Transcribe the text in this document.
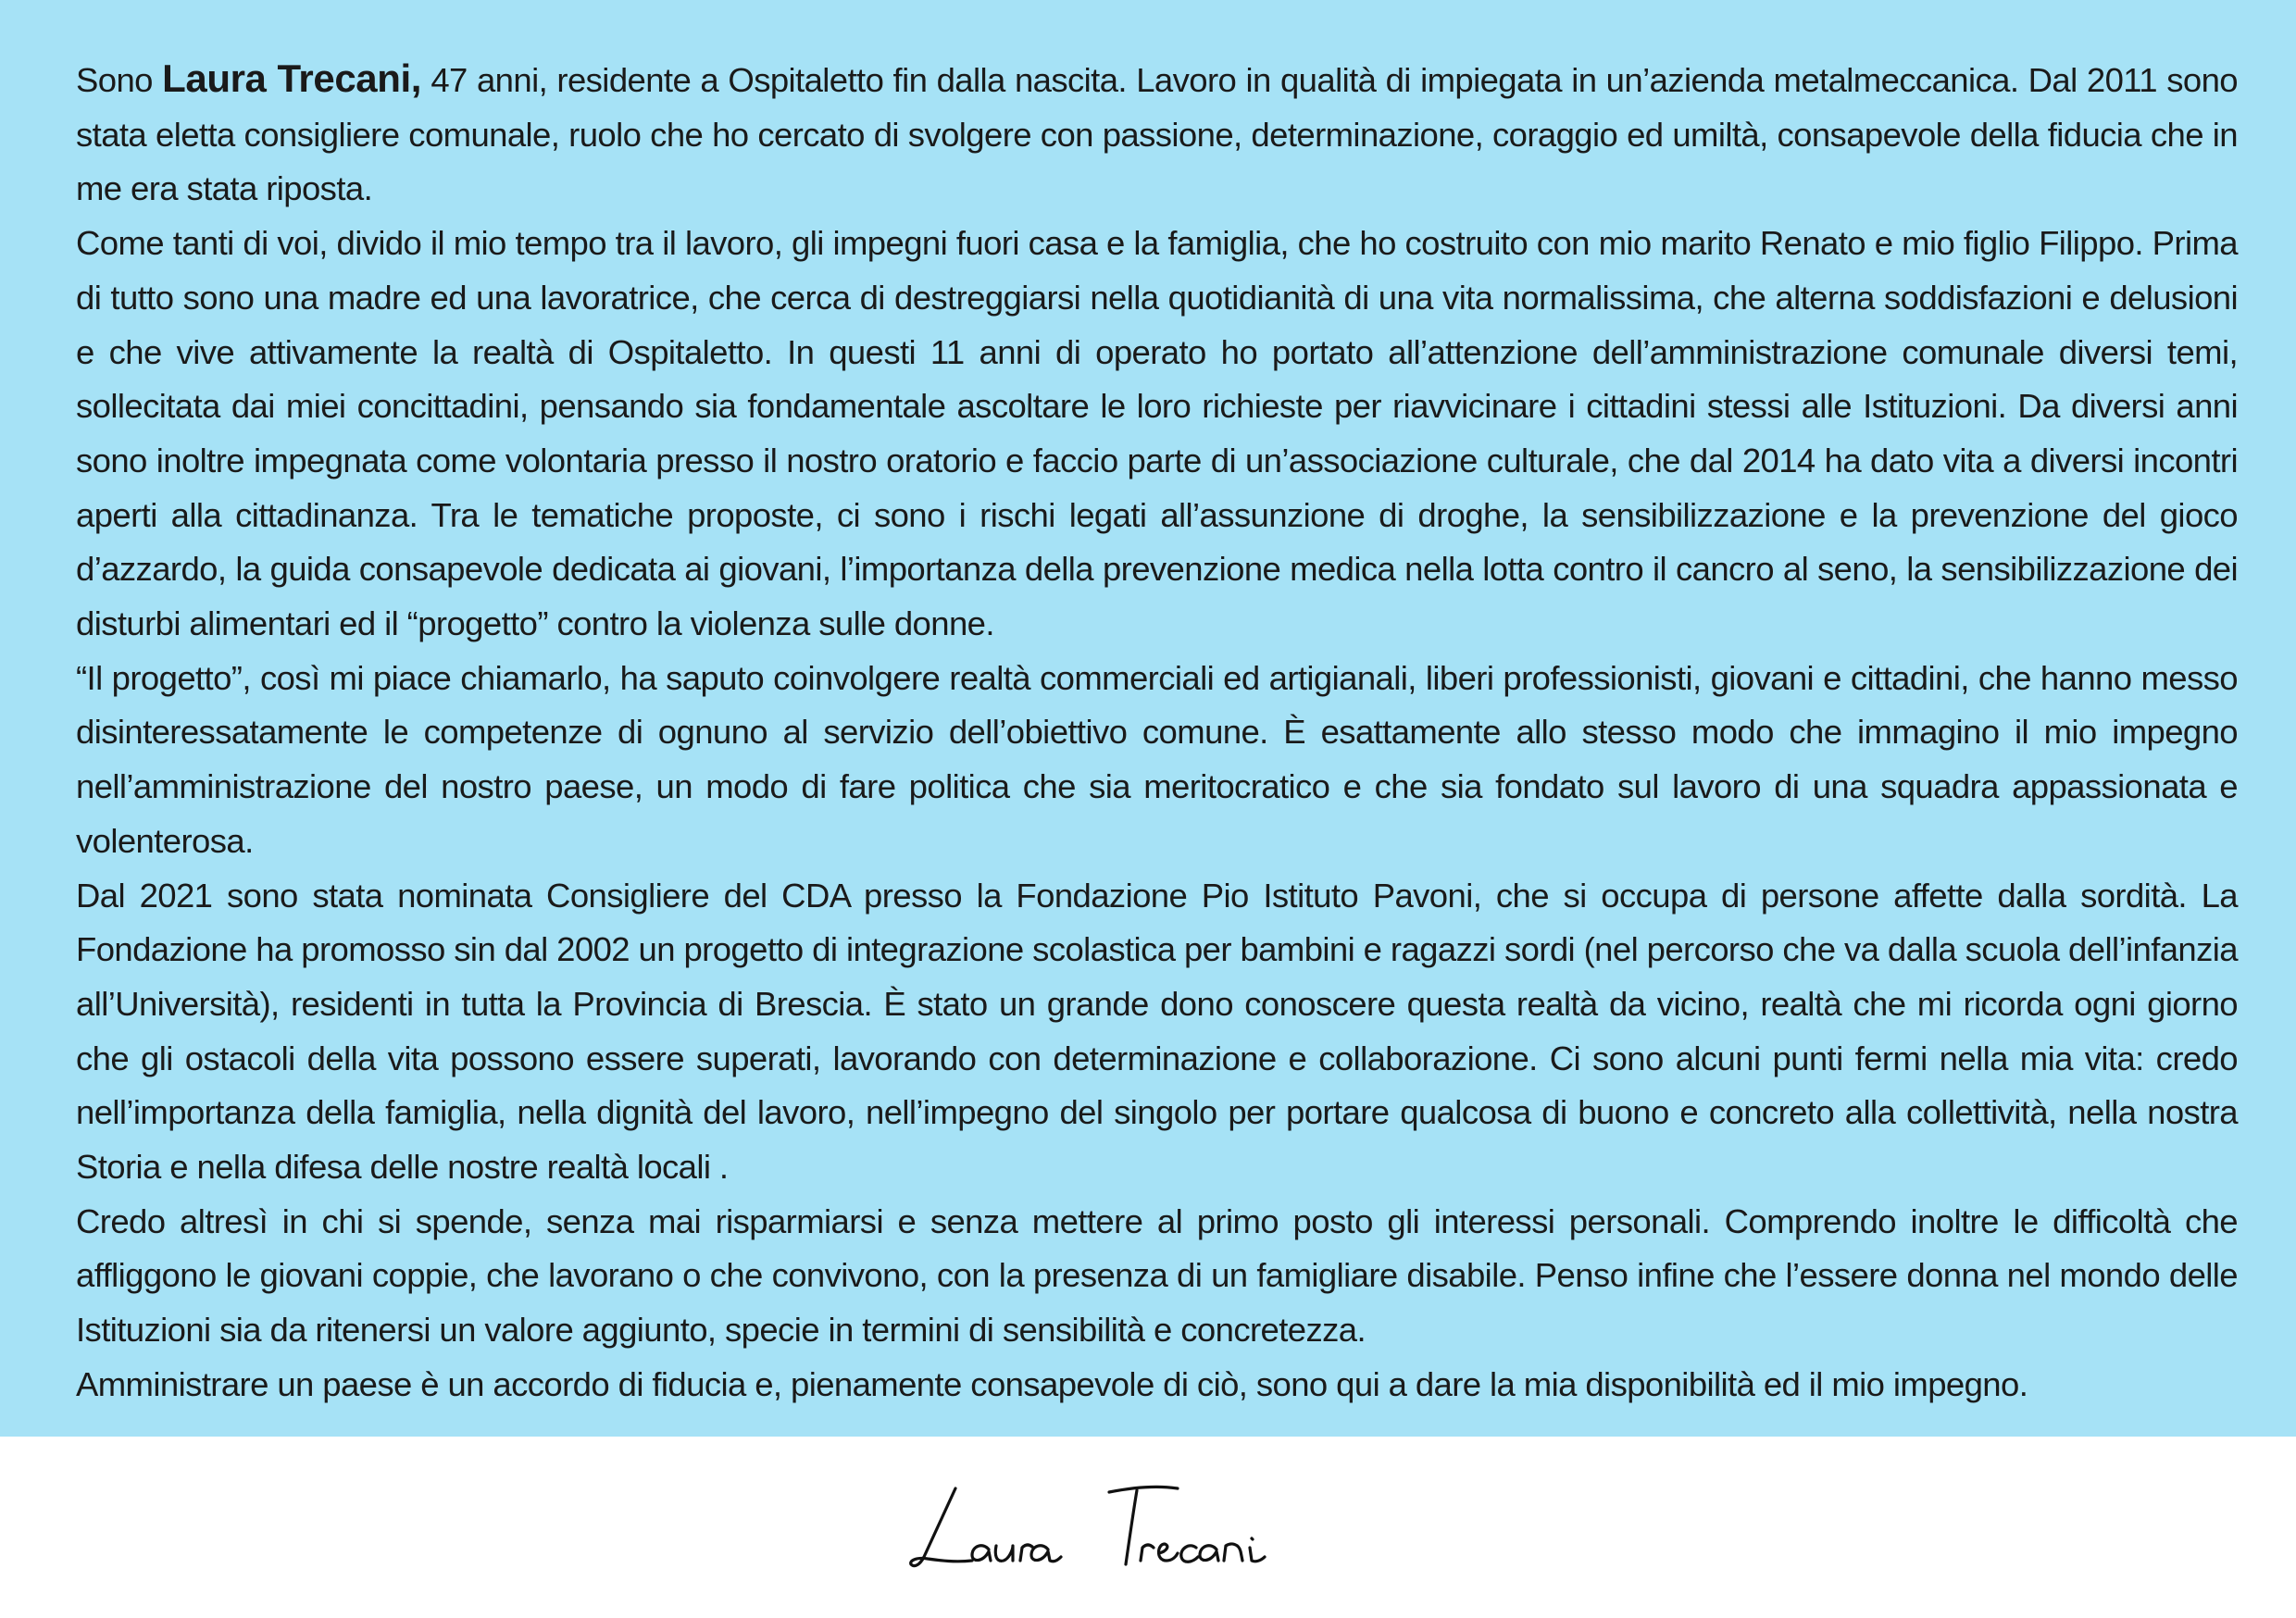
Sono Laura Trecani, 47 anni, residente a Ospitaletto fin dalla nascita. Lavoro in qualità di impiegata in un’azienda metalmeccanica. Dal 2011 sono stata eletta consigliere comunale, ruolo che ho cercato di svolgere con passione, determinazione, coraggio ed umiltà, consapevole della fiducia che in me era stata riposta.

Come tanti di voi, divido il mio tempo tra il lavoro, gli impegni fuori casa e la famiglia, che ho costruito con mio marito Renato e mio figlio Filippo. Prima di tutto sono una madre ed una lavoratrice, che cerca di destreggiarsi nella quotidianità di una vita normalissima, che alterna soddisfazioni e delusioni e che vive attivamente la realtà di Ospitaletto. In questi 11 anni di operato ho portato all’attenzione dell’amministrazione comunale diversi temi, sollecitata dai miei concittadini, pensando sia fondamentale ascoltare le loro richieste per riavvicinare i cittadini stessi alle Istituzioni. Da diversi anni sono inoltre impegnata come volontaria presso il nostro oratorio e faccio parte di un’associazione culturale, che dal 2014 ha dato vita a diversi incontri aperti alla cittadinanza. Tra le tematiche proposte, ci sono i rischi legati all’assunzione di droghe, la sensibilizzazione e la prevenzione del gioco d’azzardo, la guida consapevole dedicata ai giovani, l’importanza della prevenzione medica nella lotta contro il cancro al seno, la sensibilizzazione dei disturbi alimentari ed il “progetto” contro la violenza sulle donne.

“Il progetto”, così mi piace chiamarlo, ha saputo coinvolgere realtà commerciali ed artigianali, liberi professionisti, giovani e cittadini, che hanno messo disinteressatamente le competenze di ognuno al servizio dell’obiettivo comune. È esattamente allo stesso modo che immagino il mio impegno nell’amministrazione del nostro paese, un modo di fare politica che sia meritocratico e che sia fondato sul lavoro di una squadra appassionata e volenterosa.

Dal 2021 sono stata nominata Consigliere del CDA presso la Fondazione Pio Istituto Pavoni, che si occupa di persone affette dalla sordità. La Fondazione ha promosso sin dal 2002 un progetto di integrazione scolastica per bambini e ragazzi sordi (nel percorso che va dalla scuola dell’infanzia all’Università), residenti in tutta la Provincia di Brescia. È stato un grande dono conoscere questa realtà da vicino, realtà che mi ricorda ogni giorno che gli ostacoli della vita possono essere superati, lavorando con determinazione e collaborazione. Ci sono alcuni punti fermi nella mia vita: credo nell’importanza della famiglia, nella dignità del lavoro, nell’impegno del singolo per portare qualcosa di buono e concreto alla collettività, nella nostra Storia e nella difesa delle nostre realtà locali .

Credo altresì in chi si spende, senza mai risparmiarsi e senza mettere al primo posto gli interessi personali. Comprendo inoltre le difficoltà che affliggono le giovani coppie, che lavorano o che convivono, con la presenza di un famigliare disabile. Penso infine che l’essere donna nel mondo delle Istituzioni sia da ritenersi un valore aggiunto, specie in termini di sensibilità e concretezza.

Amministrare un paese è un accordo di fiducia e, pienamente consapevole di ciò, sono qui a dare la mia disponibilità ed il mio impegno.
